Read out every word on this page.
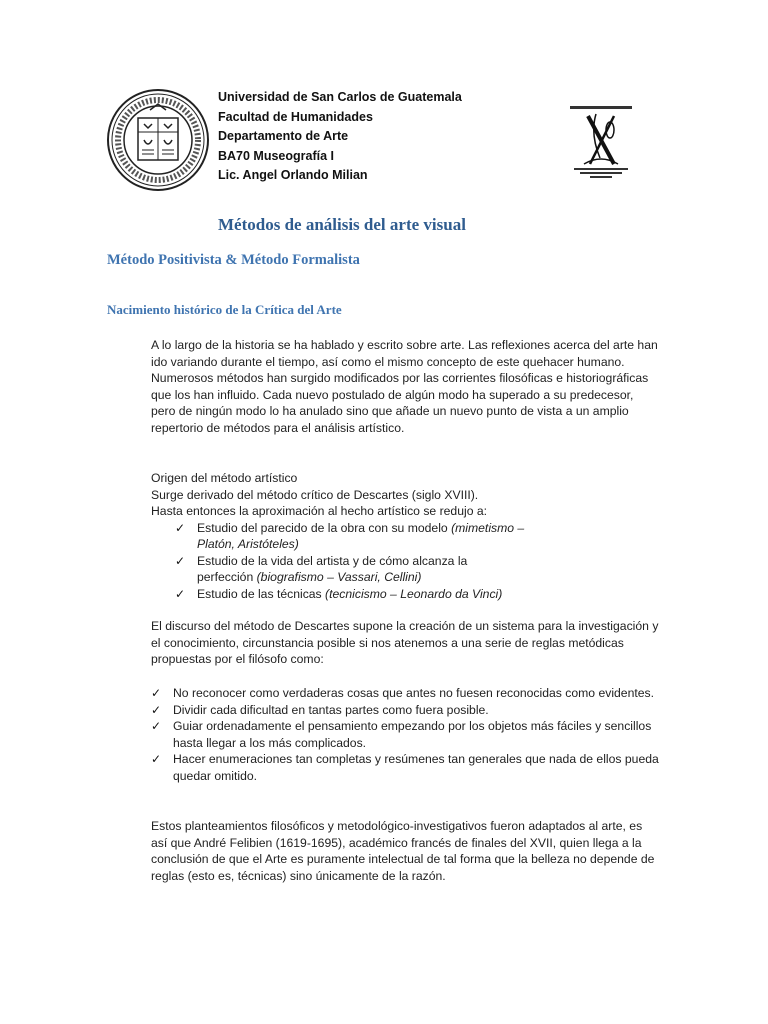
Universidad de San Carlos de Guatemala
Facultad de Humanidades
Departamento de Arte
BA70 Museografía I
Lic. Angel Orlando Milian
Métodos de análisis del arte visual
Método Positivista & Método Formalista
Nacimiento histórico de la Crítica del Arte

A lo largo de la historia se ha hablado y escrito sobre arte. Las reflexiones acerca del arte han ido variando durante el tiempo, así como el mismo concepto de este quehacer humano.

Numerosos métodos han surgido modificados por las corrientes filosóficas e historiográficas que los han influido. Cada nuevo postulado de algún modo ha superado a su predecesor, pero de ningún modo lo ha anulado sino que añade un nuevo punto de vista a un amplio repertorio de métodos para el análisis artístico.

Origen del método artístico

Surge derivado del método crítico de Descartes (siglo XVIII).

Hasta entonces la aproximación al hecho artístico se redujo a:

✓ Estudio del parecido de la obra con su modelo (mimetismo – Platón, Aristóteles)
✓ Estudio de la vida del artista y de cómo alcanza la perfección (biografismo – Vassari, Cellini)
✓ Estudio de las técnicas (tecnicismo – Leonardo da Vinci)

El discurso del método de Descartes supone la creación de un sistema para la investigación y el conocimiento, circunstancia posible si nos atenemos a una serie de reglas metódicas propuestas por el filósofo como:

✓ No reconocer como verdaderas cosas que antes no fuesen reconocidas como evidentes.
✓ Dividir cada dificultad en tantas partes como fuera posible.
✓ Guiar ordenadamente el pensamiento empezando por los objetos más fáciles y sencillos hasta llegar a los más complicados.
✓ Hacer enumeraciones tan completas y resúmenes tan generales que nada de ellos pueda quedar omitido.

Estos planteamientos filosóficos y metodológico-investigativos fueron adaptados al arte, es así que André Felibien (1619-1695), académico francés de finales del XVII, quien llega a la conclusión de que el Arte es puramente intelectual de tal forma que la belleza no depende de reglas (esto es, técnicas) sino únicamente de la razón.
